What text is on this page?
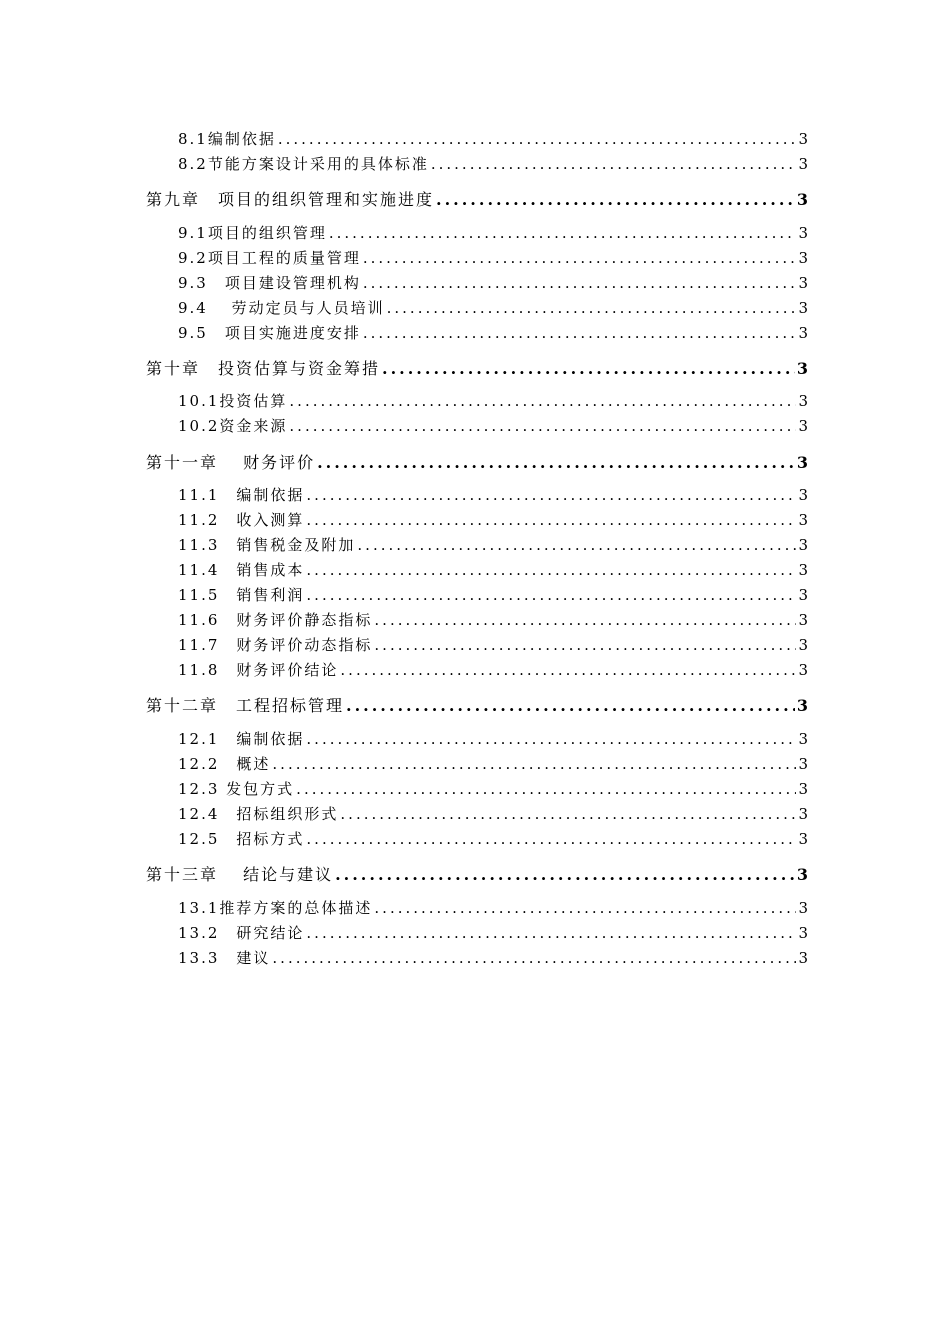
8.1编制依据 .....	3
8.2节能方案设计采用的具体标准 .....	3
第九章　项目的组织管理和实施进度 .....	3
9.1项目的组织管理 .....	3
9.2项目工程的质量管理 .....	3
9.3　项目建设管理机构 .....	3
9.4　 劳动定员与人员培训 .....	3
9.5　项目实施进度安排 .....	3
第十章　投资估算与资金筹措 .....	3
10.1投资估算 .....	3
10.2资金来源 .....	3
第十一章　 财务评价 .....	3
11.1　编制依据 .....	3
11.2　收入测算 .....	3
11.3　销售税金及附加 .....	3
11.4　销售成本 .....	3
11.5　销售利润 .....	3
11.6　财务评价静态指标 .....	3
11.7　财务评价动态指标 .....	3
11.8　财务评价结论 .....	3
第十二章　工程招标管理 .....	3
12.1　编制依据 .....	3
12.2　概述 .....	3
12.3 发包方式 .....	3
12.4　招标组织形式 .....	3
12.5　招标方式 .....	3
第十三章　 结论与建议 .....	3
13.1推荐方案的总体描述 .....	3
13.2　研究结论 .....	3
13.3　建议 .....	3
